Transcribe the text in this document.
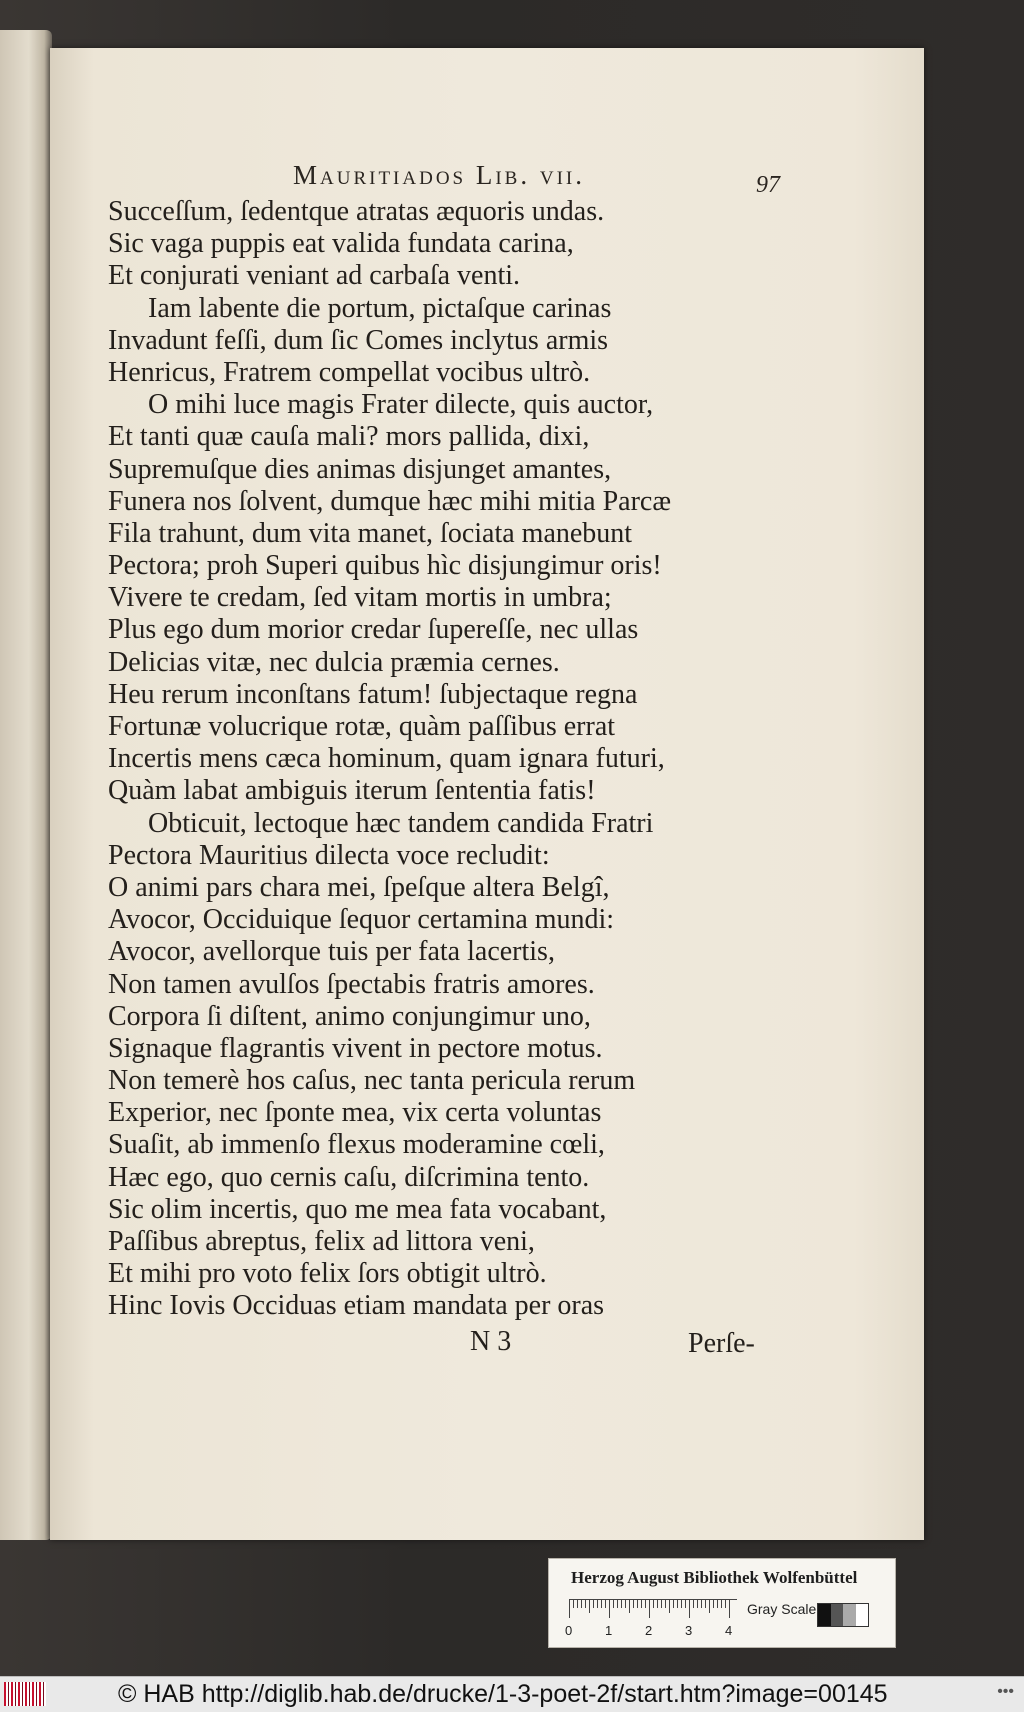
Mauritiados Lib. vii.	97
Succeſſum, ſedentque atratas æquoris undas.
Sic vaga puppis eat valida fundata carina,
Et conjurati veniant ad carbaſa venti.
Iam labente die portum, pictaſque carinas
Invadunt feſſi, dum ſic Comes inclytus armis
Henricus, Fratrem compellat vocibus ultrò.
O mihi luce magis Frater dilecte, quis auctor,
Et tanti quæ cauſa mali? mors pallida, dixi,
Supremuſque dies animas disjunget amantes,
Funera nos ſolvent, dumque hæc mihi mitia Parcæ
Fila trahunt, dum vita manet, ſociata manebunt
Pectora; proh Superi quibus hìc disjungimur oris!
Vivere te credam, ſed vitam mortis in umbra;
Plus ego dum morior credar ſupereſſe, nec ullas
Delicias vitæ, nec dulcia præmia cernes.
Heu rerum inconſtans fatum! ſubjectaque regna
Fortunæ volucrique rotæ, quàm paſſibus errat
Incertis mens cæca hominum, quam ignara futuri,
Quàm labat ambiguis iterum ſententia fatis!
Obticuit, lectoque hæc tandem candida Fratri
Pectora Mauritius dilecta voce recludit:
O animi pars chara mei, ſpeſque altera Belgî,
Avocor, Occiduique ſequor certamina mundi:
Avocor, avellorque tuis per fata lacertis,
Non tamen avulſos ſpectabis fratris amores.
Corpora ſi diſtent, animo conjungimur uno,
Signaque flagrantis vivent in pectore motus.
Non temerè hos caſus, nec tanta pericula rerum
Experior, nec ſponte mea, vix certa voluntas
Suaſit, ab immenſo flexus moderamine cœli,
Hæc ego, quo cernis caſu, diſcrimina tento.
Sic olim incertis, quo me mea fata vocabant,
Paſſibus abreptus, felix ad littora veni,
Et mihi pro voto felix ſors obtigit ultrò.
Hinc Iovis Occiduas etiam mandata per oras
N 3	Perſe-
Herzog August Bibliothek Wolfenbüttel
0	1	2	3	4
Gray Scale
© HAB http://diglib.hab.de/drucke/1-3-poet-2f/start.htm?image=00145	•••
